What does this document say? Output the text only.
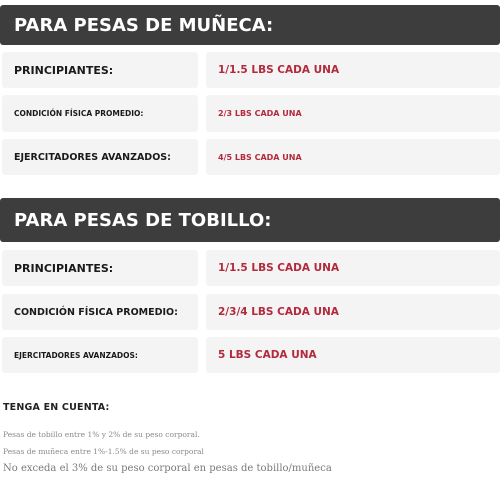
PARA PESAS DE MUÑECA:
PRINCIPIANTES:	1/1.5 LBS CADA UNA
CONDICIÓN FÍSICA PROMEDIO:	2/3 LBS CADA UNA
EJERCITADORES AVANZADOS:	4/5 LBS CADA UNA
PARA PESAS DE TOBILLO:
PRINCIPIANTES:	1/1.5 LBS CADA UNA
CONDICIÓN FÍSICA PROMEDIO:	2/3/4 LBS CADA UNA
EJERCITADORES AVANZADOS:	5 LBS CADA UNA
TENGA EN CUENTA:
Pesas de tobillo entre 1% y 2% de su peso corporal.
Pesas de muñeca entre 1%-1.5% de su peso corporal
No exceda el 3% de su peso corporal en pesas de tobillo/muñeca
